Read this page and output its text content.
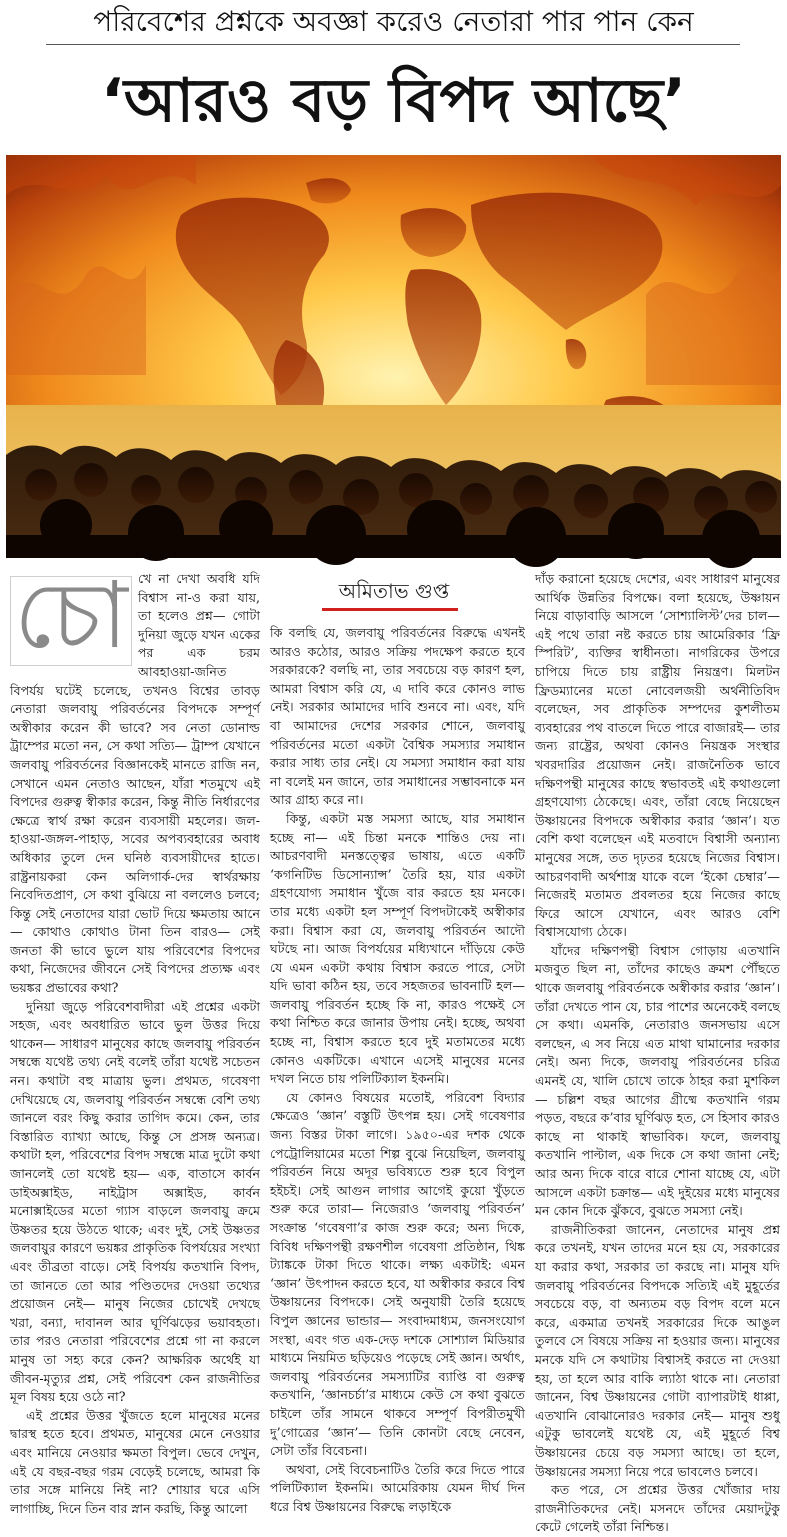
পরিবেশের প্রশ্নকে অবজ্ঞা করেও নেতারা পার পান কেন
‘আরও বড় বিপদ আছে’
অমিতাভ গুপ্ত
চো খে না দেখা অবধি যদি বিশ্বাস না-ও করা যায়, তা হলেও প্রশ্ন— গোটা দুনিয়া জুড়ে যখন একের পর এক চরম আবহাওয়া-জনিত বিপর্যয় ঘটেই চলেছে, তখনও বিশ্বের তাবড় নেতারা জলবায়ু পরিবর্তনের বিপদকে সম্পূর্ণ অস্বীকার করেন কী ভাবে? সব নেতা ডোনাল্ড ট্রাম্পের মতো নন, সে কথা সত্যি— ট্রাম্প যেখানে জলবায়ু পরিবর্তনের বিজ্ঞানকেই মানতে রাজি নন, সেখানে এমন নেতাও আছেন, যাঁরা শতমুখে এই বিপদের গুরুত্ব স্বীকার করেন, কিন্তু নীতি নির্ধারণের ক্ষেত্রে স্বার্থ রক্ষা করেন ব্যবসায়ী মহলের। জল-হাওয়া-জঙ্গল-পাহাড়, সবের অপব্যবহারের অবাধ অধিকার তুলে দেন ঘনিষ্ঠ ব্যবসায়ীদের হাতে। রাষ্ট্রনায়করা কেন অলিগার্ক-দের স্বার্থরক্ষায় নিবেদিতপ্রাণ, সে কথা বুঝিয়ে না বললেও চলবে; কিন্তু সেই নেতাদের যারা ভোট দিয়ে ক্ষমতায় আনে— কোথাও কোথাও টানা তিন বারও— সেই জনতা কী ভাবে ভুলে যায় পরিবেশের বিপদের কথা, নিজেদের জীবনে সেই বিপদের প্রত্যক্ষ এবং ভয়ঙ্কর প্রভাবের কথা?

দুনিয়া জুড়ে পরিবেশবাদীরা এই প্রশ্নের একটা সহজ, এবং অবধারিত ভাবে ভুল উত্তর দিয়ে থাকেন— সাধারণ মানুষের কাছে জলবায়ু পরিবর্তন সম্বন্ধে যথেষ্ট তথ্য নেই বলেই তাঁরা যথেষ্ট সচেতন নন। কথাটা বহু মাত্রায় ভুল। প্রথমত, গবেষণা দেখিয়েছে যে, জলবায়ু পরিবর্তন সম্বন্ধে বেশি তথ্য জানলে বরং কিছু করার তাগিদ কমে। কেন, তার বিস্তারিত ব্যাখ্যা আছে, কিন্তু সে প্রসঙ্গ অন্যত্র। কথাটা হল, পরিবেশের বিপদ সম্বন্ধে মাত্র দুটো কথা জানলেই তো যথেষ্ট হয়— এক, বাতাসে কার্বন ডাইঅক্সাইড, নাইট্রাস অক্সাইড, কার্বন মনোক্সাইডের মতো গ্যাস বাড়লে জলবায়ু ক্রমে উষ্ণতর হয়ে উঠতে থাকে; এবং দুই, সেই উষ্ণতর জলবায়ুর কারণে ভয়ঙ্কর প্রাকৃতিক বিপর্যয়ের সংখ্যা এবং তীব্রতা বাড়ে। সেই বিপর্যয় কতখানি বিপদ, তা জানতে তো আর পণ্ডিতদের দেওয়া তথ্যের প্রয়োজন নেই— মানুষ নিজের চোখেই দেখছে খরা, বন্যা, দাবানল আর ঘূর্ণিঝড়ের ভয়াবহতা। তার পরও নেতারা পরিবেশের প্রশ্নে গা না করলে মানুষ তা সহ্য করে কেন? আক্ষরিক অর্থেই যা জীবন-মৃত্যুর প্রশ্ন, সেই পরিবেশ কেন রাজনীতির মূল বিষয় হয়ে ওঠে না?

এই প্রশ্নের উত্তর খুঁজতে হলে মানুষের মনের দ্বারস্থ হতে হবে। প্রথমত, মানুষের মেনে নেওয়ার এবং মানিয়ে নেওয়ার ক্ষমতা বিপুল। ভেবে দেখুন, এই যে বছর-বছর গরম বেড়েই চলেছে, আমরা কি তার সঙ্গে মানিয়ে নিই না? শোয়ার ঘরে এসি লাগাচ্ছি, দিনে তিন বার স্নান করছি, কিন্তু আলো

কি বলছি যে, জলবায়ু পরিবর্তনের বিরুদ্ধে এখনই আরও কঠোর, আরও সক্রিয় পদক্ষেপ করতে হবে সরকারকে? বলছি না, তার সবচেয়ে বড় কারণ হল, আমরা বিশ্বাস করি যে, এ দাবি করে কোনও লাভ নেই। সরকার আমাদের দাবি শুনবে না। এবং, যদি বা আমাদের দেশের সরকার শোনে, জলবায়ু পরিবর্তনের মতো একটা বৈশ্বিক সমস্যার সমাধান করার সাধ্য তার নেই। যে সমস্যা সমাধান করা যায় না বলেই মন জানে, তার সমাধানের সম্ভাবনাকে মন আর গ্রাহ্য করে না।

কিন্তু, একটা মস্ত সমস্যা আছে, যার সমাধান হচ্ছে না— এই চিন্তা মনকে শান্তিও দেয় না। আচরণবাদী মনস্তত্ত্বের ভাষায়, এতে একটি ‘কগনিটিভ ডিসোন্যান্স’ তৈরি হয়, যার একটা গ্রহণযোগ্য সমাধান খুঁজে বার করতে হয় মনকে। তার মধ্যে একটা হল সম্পূর্ণ বিপদটাকেই অস্বীকার করা। বিশ্বাস করা যে, জলবায়ু পরিবর্তন আদৌ ঘটছে না। আজ বিপর্যয়ের মধ্যিখানে দাঁড়িয়ে কেউ যে এমন একটা কথায় বিশ্বাস করতে পারে, সেটা যদি ভাবা কঠিন হয়, তবে সহজতর ভাবনাটি হল— জলবায়ু পরিবর্তন হচ্ছে কি না, কারও পক্ষেই সে কথা নিশ্চিত করে জানার উপায় নেই। হচ্ছে, অথবা হচ্ছে না, বিশ্বাস করতে হবে দুই মতামতের মধ্যে কোনও একটিকে। এখানে এসেই মানুষের মনের দখল নিতে চায় পলিটিক্যাল ইকনমি।

যে কোনও বিষয়ের মতোই, পরিবেশ বিদ্যার ক্ষেত্রেও ‘জ্ঞান’ বস্তুটি উৎপন্ন হয়। সেই গবেষণার জন্য বিস্তর টাকা লাগে। ১৯৫০-এর দশক থেকে পেট্রোলিয়ামের মতো শিল্প বুঝে নিয়েছিল, জলবায়ু পরিবর্তন নিয়ে অদূর ভবিষ্যতে শুরু হবে বিপুল হইচই। সেই আগুন লাগার আগেই কুয়ো খুঁড়তে শুরু করে তারা— নিজেরাও ‘জলবায়ু পরিবর্তন’ সংক্রান্ত ‘গবেষণা’র কাজ শুরু করে; অন্য দিকে, বিবিধ দক্ষিণপন্থী রক্ষণশীল গবেষণা প্রতিষ্ঠান, থিঙ্ক ট্যাঙ্ককে টাকা দিতে থাকে। লক্ষ্য একটাই: এমন ‘জ্ঞান’ উৎপাদন করতে হবে, যা অস্বীকার করবে বিশ্ব উষ্ণায়নের বিপদকে। সেই অনুযায়ী তৈরি হয়েছে বিপুল জ্ঞানের ভান্ডার— সংবাদমাধ্যম, জনসংযোগ সংস্থা, এবং গত এক-দেড় দশকে সোশ্যাল মিডিয়ার মাধ্যমে নিয়মিত ছড়িয়েও পড়েছে সেই জ্ঞান। অর্থাৎ, জলবায়ু পরিবর্তনের সমস্যাটির ব্যাপ্তি বা গুরুত্ব কতখানি, ‘জ্ঞানচর্চা’র মাধ্যমে কেউ সে কথা বুঝতে চাইলে তাঁর সামনে থাকবে সম্পূর্ণ বিপরীতমুখী দু’গোত্রের ‘জ্ঞান’— তিনি কোনটা বেছে নেবেন, সেটা তাঁর বিবেচনা।

অথবা, সেই বিবেচনাটিও তৈরি করে দিতে পারে পলিটিক্যাল ইকনমি। আমেরিকায় যেমন দীর্ঘ দিন ধরে বিশ্ব উষ্ণায়নের বিরুদ্ধে লড়াইকে

দাঁড় করানো হয়েছে দেশের, এবং সাধারণ মানুষের আর্থিক উন্নতির বিপক্ষে। বলা হয়েছে, উষ্ণায়ন নিয়ে বাড়াবাড়ি আসলে ‘সোশ্যালিস্ট’দের চাল— এই পথে তারা নষ্ট করতে চায় আমেরিকার ‘ফ্রি স্পিরিট’, ব্যক্তির স্বাধীনতা। নাগরিকের উপরে চাপিয়ে দিতে চায় রাষ্ট্রীয় নিয়ন্ত্রণ। মিলটন ফ্রিডম্যানের মতো নোবেলজয়ী অর্থনীতিবিদ বলেছেন, সব প্রাকৃতিক সম্পদের কুশলীতম ব্যবহারের পথ বাতলে দিতে পারে বাজারই— তার জন্য রাষ্ট্রের, অথবা কোনও নিয়ন্ত্রক সংস্থার খবরদারির প্রয়োজন নেই। রাজনৈতিক ভাবে দক্ষিণপন্থী মানুষের কাছে স্বভাবতই এই কথাগুলো গ্রহণযোগ্য ঠেকেছে। এবং, তাঁরা বেছে নিয়েছেন উষ্ণায়নের বিপদকে অস্বীকার করার ‘জ্ঞান’। যত বেশি কথা বলেছেন এই মতবাদে বিশ্বাসী অন্যান্য মানুষের সঙ্গে, তত দৃঢ়তর হয়েছে নিজের বিশ্বাস। আচরণবাদী অর্থশাস্ত্র যাকে বলে ‘ইকো চেম্বার’— নিজেরই মতামত প্রবলতর হয়ে নিজের কাছে ফিরে আসে যেখানে, এবং আরও বেশি বিশ্বাসযোগ্য ঠেকে।

যাঁদের দক্ষিণপন্থী বিশ্বাস গোড়ায় এতখানি মজবুত ছিল না, তাঁদের কাছেও ক্রমশ পৌঁছতে থাকে জলবায়ু পরিবর্তনকে অস্বীকার করার ‘জ্ঞান’। তাঁরা দেখতে পান যে, চার পাশের অনেকেই বলছে সে কথা। এমনকি, নেতারাও জনসভায় এসে বলছেন, এ সব নিয়ে এত মাথা ঘামানোর দরকার নেই। অন্য দিকে, জলবায়ু পরিবর্তনের চরিত্র এমনই যে, খালি চোখে তাকে ঠাহর করা মুশকিল— চল্লিশ বছর আগের গ্রীষ্মে কতখানি গরম পড়ত, বছরে ক’বার ঘূর্ণিঝড় হত, সে হিসাব কারও কাছে না থাকাই স্বাভাবিক। ফলে, জলবায়ু কতখানি পাল্টাল, এক দিকে সে কথা জানা নেই; আর অন্য দিকে বারে বারে শোনা যাচ্ছে যে, এটা আসলে একটা চক্রান্ত— এই দুইয়ের মধ্যে মানুষের মন কোন দিকে ঝুঁকবে, বুঝতে সমস্যা নেই।

রাজনীতিকরা জানেন, নেতাদের মানুষ প্রশ্ন করে তখনই, যখন তাদের মনে হয় যে, সরকারের যা করার কথা, সরকার তা করছে না। মানুষ যদি জলবায়ু পরিবর্তনের বিপদকে সত্যিই এই মুহূর্তের সবচেয়ে বড়, বা অন্যতম বড় বিপদ বলে মনে করে, একমাত্র তখনই সরকারের দিকে আঙুল তুলবে সে বিষয়ে সক্রিয় না হওয়ার জন্য। মানুষের মনকে যদি সে কথাটায় বিশ্বাসই করতে না দেওয়া হয়, তা হলে আর বাকি ল্যাঠা থাকে না। নেতারা জানেন, বিশ্ব উষ্ণায়নের গোটা ব্যাপারটাই ধাপ্পা, এতখানি বোঝানোরও দরকার নেই— মানুষ শুধু এটুকু ভাবলেই যথেষ্ট যে, এই মুহূর্তে বিশ্ব উষ্ণায়নের চেয়ে বড় সমস্যা আছে। তা হলে, উষ্ণায়নের সমস্যা নিয়ে পরে ভাবলেও চলবে।

কত পরে, সে প্রশ্নের উত্তর খোঁজার দায় রাজনীতিকদের নেই। মসনদে তাঁদের মেয়াদটুকু কেটে গেলেই তাঁরা নিশ্চিন্ত।
